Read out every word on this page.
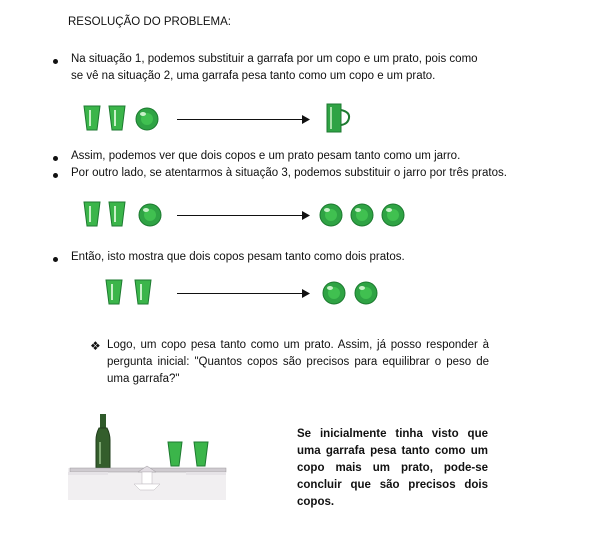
RESOLUÇÃO DO PROBLEMA:
Na situação 1, podemos substituir a garrafa por um copo e um prato, pois como se vê na situação 2, uma garrafa pesa tanto como um copo e um prato.
Assim, podemos ver que dois copos e um prato pesam tanto como um jarro.
Por outro lado, se atentarmos à situação 3, podemos substituir o jarro por três pratos.
Então, isto mostra que dois copos pesam tanto como dois pratos.
❖ Logo, um copo pesa tanto como um prato. Assim, já posso responder à pergunta inicial: "Quantos copos são precisos para equilibrar o peso de uma garrafa?"
Se inicialmente tinha visto que uma garrafa pesa tanto como um copo mais um prato, pode-se concluir que são precisos dois copos.
